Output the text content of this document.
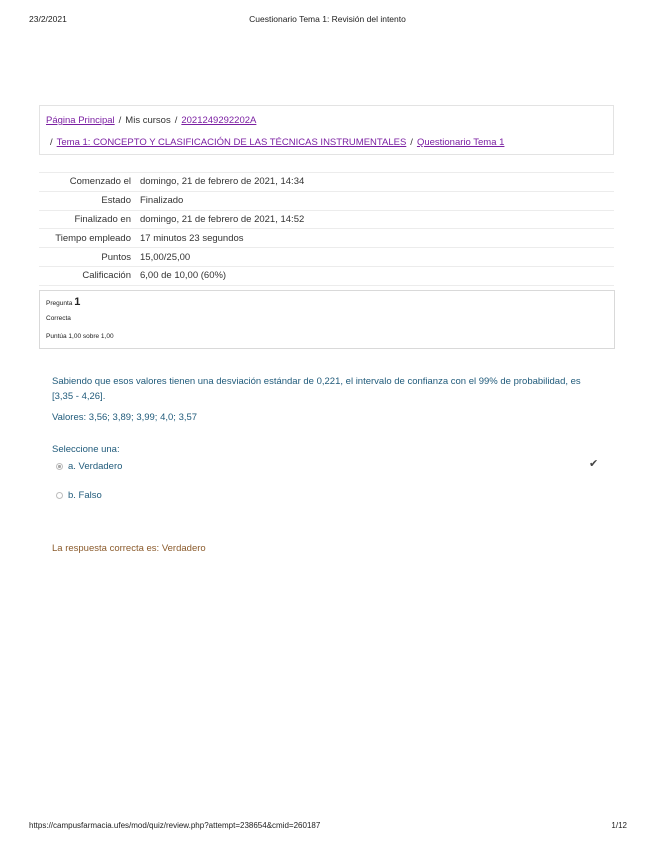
23/2/2021	Cuestionario Tema 1: Revisión del intento
Página Principal / Mis cursos / 2021249292202A
/ Tema 1: CONCEPTO Y CLASIFICACIÓN DE LAS TÉCNICAS INSTRUMENTALES / Questionario Tema 1
Comenzado el domingo, 21 de febrero de 2021, 14:34
Estado Finalizado
Finalizado en domingo, 21 de febrero de 2021, 14:52
Tiempo empleado 17 minutos 23 segundos
Puntos 15,00/25,00
Calificación 6,00 de 10,00 (60%)
Pregunta 1
Correcta
Puntúa 1,00 sobre 1,00
Sabiendo que esos valores tienen una desviación estándar de 0,221, el intervalo de confianza con el 99% de probabilidad, es [3,35 - 4,26].
Valores: 3,56; 3,89; 3,99; 4,0; 3,57
Seleccione una:
a. Verdadero	✔
b. Falso
La respuesta correcta es: Verdadero
https://campusfarmacia.ufes/mod/quiz/review.php?attempt=238654&cmid=260187	1/12
